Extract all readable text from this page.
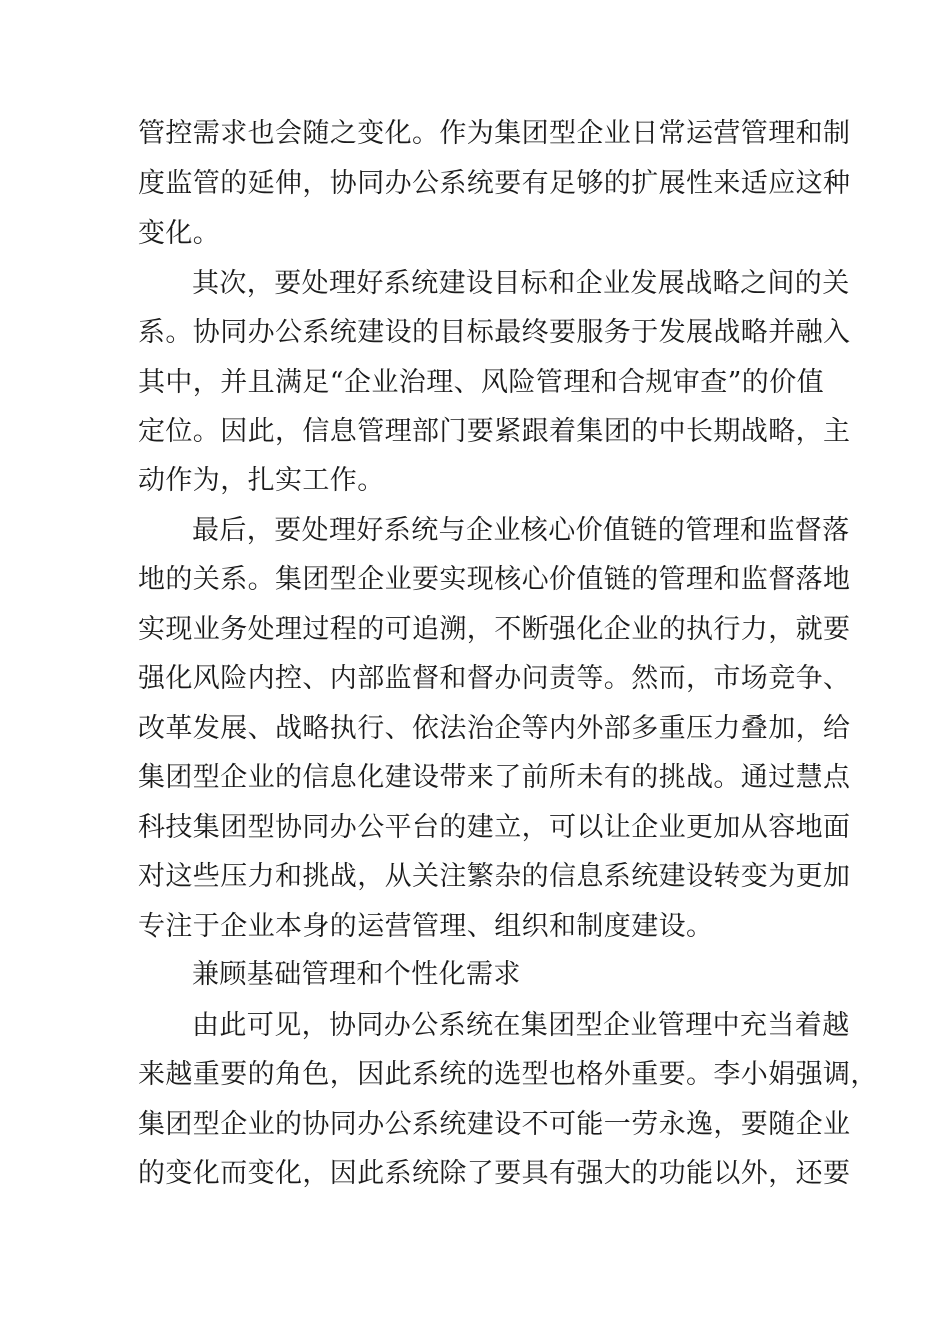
管控需求也会随之变化。作为集团型企业日常运营管理和制
度监管的延伸，协同办公系统要有足够的扩展性来适应这种
变化。
其次，要处理好系统建设目标和企业发展战略之间的关
系。协同办公系统建设的目标最终要服务于发展战略并融入
其中，并且满足“企业治理、风险管理和合规审查”的价值
定位。因此，信息管理部门要紧跟着集团的中长期战略，主
动作为，扎实工作。
最后，要处理好系统与企业核心价值链的管理和监督落
地的关系。集团型企业要实现核心价值链的管理和监督落地
实现业务处理过程的可追溯，不断强化企业的执行力，就要
强化风险内控、内部监督和督办问责等。然而，市场竞争、
改革发展、战略执行、依法治企等内外部多重压力叠加，给
集团型企业的信息化建设带来了前所未有的挑战。通过慧点
科技集团型协同办公平台的建立，可以让企业更加从容地面
对这些压力和挑战，从关注繁杂的信息系统建设转变为更加
专注于企业本身的运营管理、组织和制度建设。
兼顾基础管理和个性化需求
由此可见，协同办公系统在集团型企业管理中充当着越
来越重要的角色，因此系统的选型也格外重要。李小娟强调，
集团型企业的协同办公系统建设不可能一劳永逸，要随企业
的变化而变化，因此系统除了要具有强大的功能以外，还要
